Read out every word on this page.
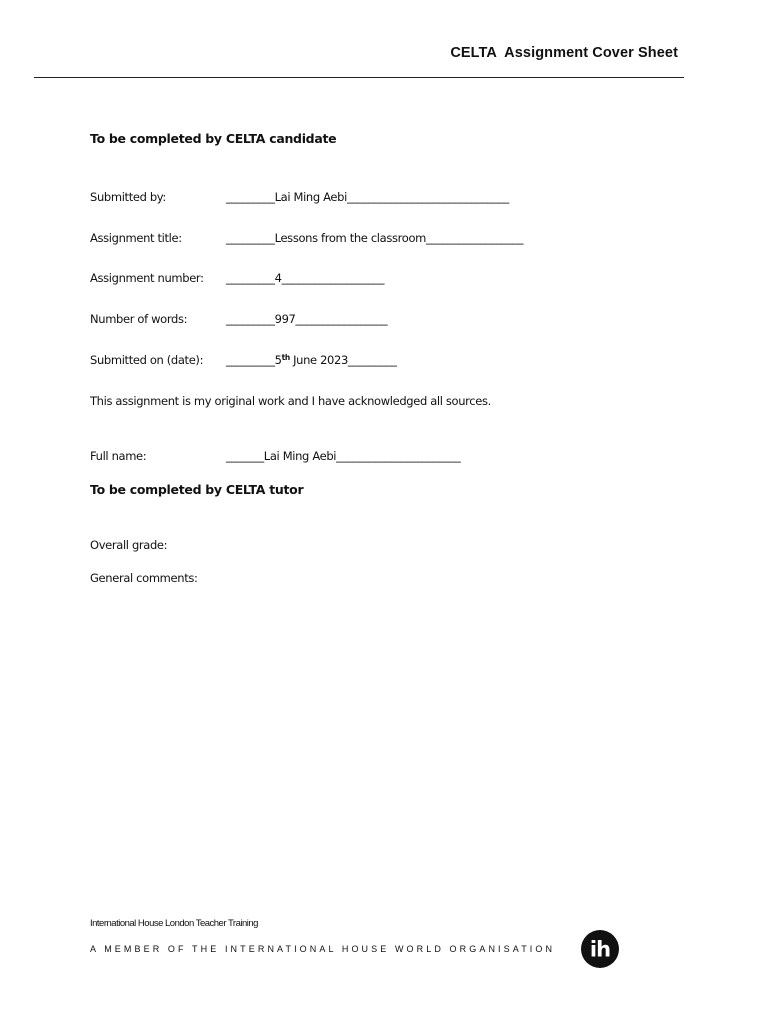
CELTA  Assignment Cover Sheet
To be completed by CELTA candidate
Submitted by:	_________Lai Ming Aebi______________________________
Assignment title:	_________Lessons from the classroom__________________
Assignment number: _________4___________________
Number of words:	_________997_________________
Submitted on (date): _________5th June 2023_________
This assignment is my original work and I have acknowledged all sources.
Full name:	_______Lai Ming Aebi_______________________
To be completed by CELTA tutor
Overall grade:
General comments:
International House London Teacher Training
A MEMBER OF THE INTERNATIONAL HOUSE WORLD ORGANISATION ih
